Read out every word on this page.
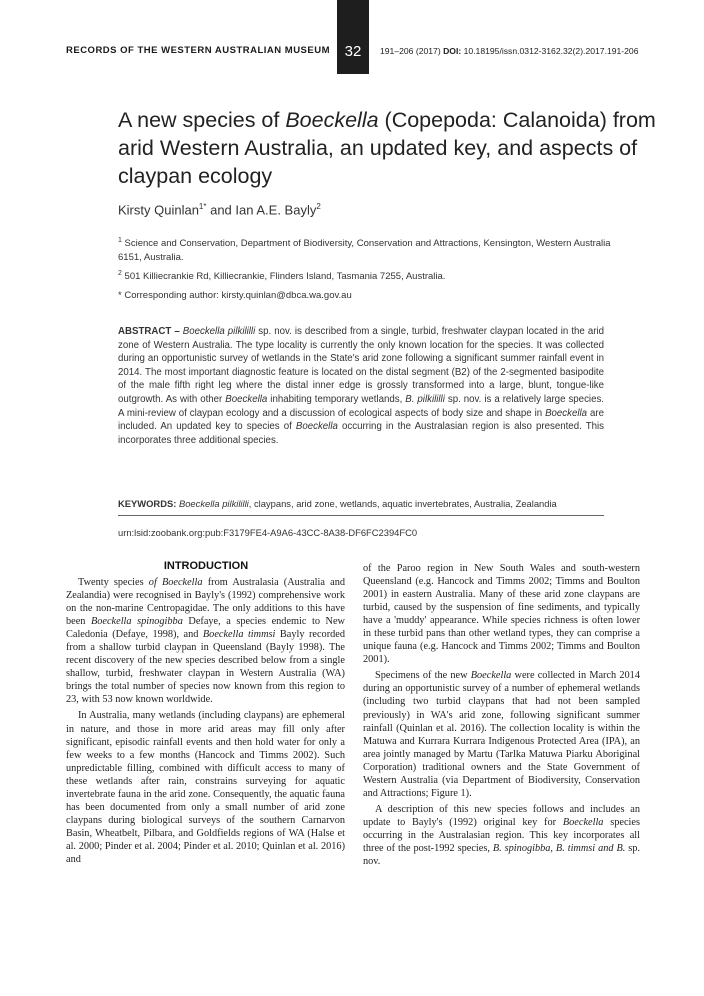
RECORDS OF THE WESTERN AUSTRALIAN MUSEUM 32	191–206 (2017) DOI: 10.18195/issn.0312-3162.32(2).2017.191-206
A new species of Boeckella (Copepoda: Calanoida) from arid Western Australia, an updated key, and aspects of claypan ecology
Kirsty Quinlan$^{1*}$ and Ian A.E. Bayly$^2$
$^1$ Science and Conservation, Department of Biodiversity, Conservation and Attractions, Kensington, Western Australia 6151, Australia.
$^2$ 501 Killiecrankie Rd, Killiecrankie, Flinders Island, Tasmania 7255, Australia.
* Corresponding author: kirsty.quinlan@dbca.wa.gov.au

ABSTRACT – Boeckella pilkililli sp. nov. is described from a single, turbid, freshwater claypan located in the arid zone of Western Australia. The type locality is currently the only known location for the species. It was collected during an opportunistic survey of wetlands in the State's arid zone following a significant summer rainfall event in 2014. The most important diagnostic feature is located on the distal segment (B2) of the 2-segmented basipodite of the male fifth right leg where the distal inner edge is grossly transformed into a large, blunt, tongue-like outgrowth. As with other Boeckella inhabiting temporary wetlands, B. pilkililli sp. nov. is a relatively large species. A mini-review of claypan ecology and a discussion of ecological aspects of body size and shape in Boeckella are included. An updated key to species of Boeckella occurring in the Australasian region is also presented. This incorporates three additional species.

KEYWORDS: Boeckella pilkililli, claypans, arid zone, wetlands, aquatic invertebrates, Australia, Zealandia
urn:lsid:zoobank.org:pub:F3179FE4-A9A6-43CC-8A38-DF6FC2394FC0
INTRODUCTION

Twenty species of Boeckella from Australasia (Australia and Zealandia) were recognised in Bayly's (1992) comprehensive work on the non-marine Centropagidae. The only additions to this have been Boeckella spinogibba Defaye, a species endemic to New Caledonia (Defaye, 1998), and Boeckella timmsi Bayly recorded from a shallow turbid claypan in Queensland (Bayly 1998). The recent discovery of the new species described below from a single shallow, turbid, freshwater claypan in Western Australia (WA) brings the total number of species now known from this region to 23, with 53 now known worldwide.

In Australia, many wetlands (including claypans) are ephemeral in nature, and those in more arid areas may fill only after significant, episodic rainfall events and then hold water for only a few weeks to a few months (Hancock and Timms 2002). Such unpredictable filling, combined with difficult access to many of these wetlands after rain, constrains surveying for aquatic invertebrate fauna in the arid zone. Consequently, the aquatic fauna has been documented from only a small number of arid zone claypans during biological surveys of the southern Carnarvon Basin, Wheatbelt, Pilbara, and Goldfields regions of WA (Halse et al. 2000; Pinder et al. 2004; Pinder et al. 2010; Quinlan et al. 2016) and

of the Paroo region in New South Wales and south-western Queensland (e.g. Hancock and Timms 2002; Timms and Boulton 2001) in eastern Australia. Many of these arid zone claypans are turbid, caused by the suspension of fine sediments, and typically have a 'muddy' appearance. While species richness is often lower in these turbid pans than other wetland types, they can comprise a unique fauna (e.g. Hancock and Timms 2002; Timms and Boulton 2001).

Specimens of the new Boeckella were collected in March 2014 during an opportunistic survey of a number of ephemeral wetlands (including two turbid claypans that had not been sampled previously) in WA's arid zone, following significant summer rainfall (Quinlan et al. 2016). The collection locality is within the Matuwa and Kurrara Kurrara Indigenous Protected Area (IPA), an area jointly managed by Martu (Tarlka Matuwa Piarku Aboriginal Corporation) traditional owners and the State Government of Western Australia (via Department of Biodiversity, Conservation and Attractions; Figure 1).

A description of this new species follows and includes an update to Bayly's (1992) original key for Boeckella species occurring in the Australasian region. This key incorporates all three of the post-1992 species, B. spinogibba, B. timmsi and B. sp. nov.
